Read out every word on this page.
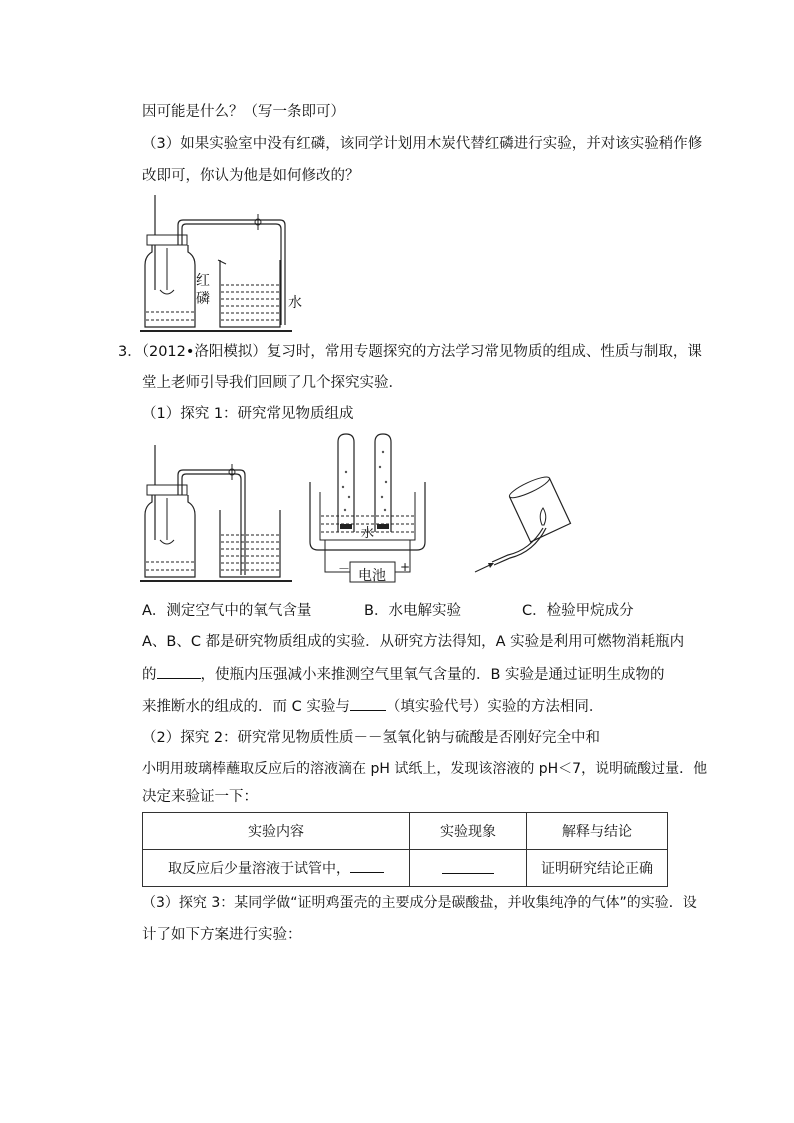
因可能是什么？（写一条即可）
（3）如果实验室中没有红磷，该同学计划用木炭代替红磷进行实验，并对该实验稍作修
改即可，你认为他是如何修改的？
红磷	水
3．（2012•洛阳模拟）复习时，常用专题探究的方法学习常见物质的组成、性质与制取，课
堂上老师引导我们回顾了几个探究实验．
（1）探究 1：研究常见物质组成
水
电池
－	+
A．测定空气中的氧气含量	B．水电解实验	C．检验甲烷成分
A、B、C 都是研究物质组成的实验．从研究方法得知，A 实验是利用可燃物消耗瓶内
的	，使瓶内压强减小来推测空气里氧气含量的．B 实验是通过证明生成物的
来推断水的组成的．而 C 实验与 （填实验代号）实验的方法相同．
（2）探究 2：研究常见物质性质－－氢氧化钠与硫酸是否刚好完全中和
小明用玻璃棒蘸取反应后的溶液滴在 pH 试纸上，发现该溶液的 pH＜7，说明硫酸过量．他
决定来验证一下：
实验内容	实验现象	解释与结论
取反应后少量溶液于试管中，		证明研究结论正确
（3）探究 3：某同学做“证明鸡蛋壳的主要成分是碳酸盐，并收集纯净的气体”的实验．设
计了如下方案进行实验：
